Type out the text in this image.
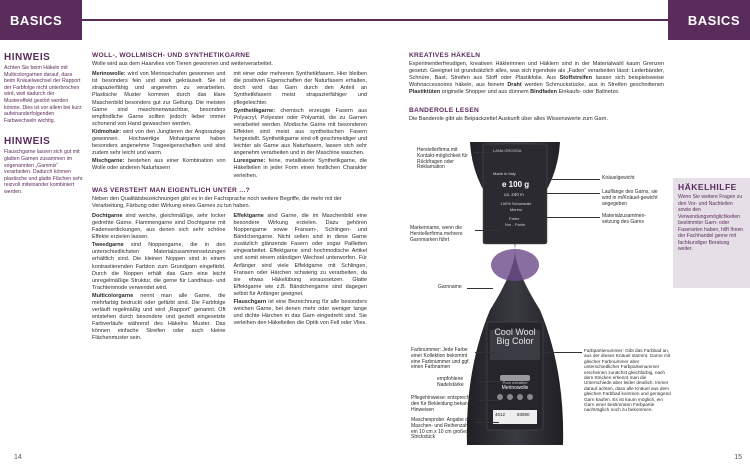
BASICS
HINWEIS

Achten Sie beim Häkeln mit Multicolorgarnen darauf, dass beim Knäuelwechsel der Rapport der Farbfolge nicht unterbrochen wird, weil dadurch der Mustereffekt gestört werden könnte. Dies ist vor allem bei kurz aufeinanderfolgenden Farbwechseln wichtig.

HINWEIS

Flauschgarne lassen sich gut mit glatten Garnen zusammen im sogenannten „Gammix“ verarbeiten. Dadurch können plastische und glatte Flächen sehr reizvoll miteinander kombiniert werden.

WOLL-, WOLLMISCH- UND SYNTHETIKGARNE

Wolle wird aus dem Haarvlies von Tieren gewonnen und weiterverarbeitet.

Merinowolle: wird von Merinoschafen gewonnen und ist besonders fein und stark gekräuselt. Sie ist strapazierfähig und angenehm zu verarbeiten. Plastische Muster kommen durch das klare Maschenbild besonders gut zur Geltung. Die meisten Garne sind maschinenwaschbar, besonders empfindliche Garne sollten jedoch lieber immer schonend von Hand gewaschen werden.

Kidmohair: wird von den Jungtieren der Angoraziege gewonnen. Hochwertige Mohairgarne haben besonders angenehme Trageeigenschaften und sind zudem sehr leicht und warm.

Mischgarne: bestehen aus einer Kombination von Wolle oder anderen Naturfasern

mit einer oder mehreren Synthetikfasern. Hier bleiben die positiven Eigenschaften der Naturfasern erhalten, doch wird das Garn durch den Anteil an Synthetikfasern meist strapazierfähiger und pflegeleichter.

Synthetikgarne: chemisch erzeugte Fasern aus Polyacryl, Polyester oder Polyamid, die zu Garnen verarbeitet werden. Modische Garne mit besonderen Effekten sind meist aus synthetischen Fasern hergestellt. Synthetikgarne sind oft geschmeidiger und leichter als Garne aus Naturfasern, lassen sich sehr angenehm verarbeiten und in der Maschine waschen.

Lurexgarne: feine, metallisierte Synthetikgarne, die Häkelteilen in jeder Form einen festlichen Charakter verleihen.

WAS VERSTEHT MAN EIGENTLICH UNTER ...?

Neben den Qualitätsbezeichnungen gibt es in der Fachsprache noch weitere Begriffe, die mehr mit der Verarbeitung, Färbung oder Wirkung eines Garnes zu tun haben.

Dochtgarne sind weiche, gleichmäßige, sehr locker gedrehte Garne. Flammengarne sind Dochtgarne mit Fadenverdickungen, aus denen sich sehr schöne Effekte erzielen lassen.

Tweedgarne sind Noppengarne, die in den unterschiedlichsten Materialzusammensetzungen erhältlich sind. Die kleinen Noppen sind in einem kontrastierenden Farbton zum Grundgarn eingefärbt. Durch die Noppen erhält das Garn eine leicht unregelmäßige Struktur, die gerne für Landhaus- und Trachtenmode verwendet wird.

Multicolorgarne nennt man alle Garne, die mehrfarbig bedruckt oder gefärbt sind. Die Farbfolge verläuft regelmäßig und wird „Rapport“ genannt. Oft entstehen durch besondere und gezielt eingesetzte Farbverläufe während des Häkelns Muster. Das können einfache Streifen oder auch kleine Flächenmuster sein.

Effektgarne sind Garne, die im Maschenbild eine besondere Wirkung erzielen. Dazu gehören Noppengarne sowie Fransen-, Schlingen- und Bändchengarne. Nicht selten sind in diese Garne zusätzlich glänzende Fasern oder sogar Pailletten eingearbeitet. Effektgarne sind hochmodische Artikel und somit einem ständigen Wechsel unterworfen. Für Anfänger sind viele Effektgarne mit Schlingen, Fransen oder Härchen schwierig zu verarbeiten, da sie etwas Häkelübung voraussetzen. Glatte Effektgarne wie z.B. Bändchengarne sind dagegen selbst für Anfänger geeignet.

Flauschgarn ist eine Bezeichnung für alle besonders weichen Garne, bei denen mehr oder weniger lange und dichte Härchen in das Garn eingedreht sind. Sie verleihen den Häkelteilen die Optik von Fell oder Vlies.

14
BASICS
KREATIVES HÄKELN

Experimentierfreudigen, kreativen Häklerinnen und Häklern sind in der Materialwahl kaum Grenzen gesetzt. Geeignet ist grundsätzlich alles, was sich irgendwie als „Faden“ verarbeiten lässt: Lederbänder, Schnüre, Bast, Streifen aus Stoff oder Plastikfolie. Aus Stoffstreifen lassen sich beispielsweise Wohnaccessoires häkeln, aus feinem Draht werden Schmuckstücke, aus in Streifen geschnittenen Plastiktüten originelle Shopper und aus dünnem Bindfaden Einkaufs- oder Ballnetze.

BANDEROLE LESEN

Die Banderole gibt als Beipackzettel Auskunft über alles Wissenswerte zum Garn.

LANA GROSSA
Made in Italy
e 100 g
ca. 240 m
100% Schurwolle Merino
Farbe
Nm - Partie
Cool Wool Big Color
Puro extrafine
Merinowolle
4012	83990
Herstellerfirma mit Kontakt-möglichkeit für Rückfragen oder Reklamation
Knäuelgewicht
Lauflänge des Garns, sie wird in m/Knäuel-gewicht angegeben
Materialzusammen-setzung des Garns
Markenname, wenn die Herstellerfirma mehrere Garnmarken führt
Garnname
Farbnummer: Jede Farbe einer Kollektion bekommt eine Farbnummer und ggf. einen Farbnamen
empfohlene Nadelstärke
Pflegehinweise: entsprechen den für Bekleidung bekannten Hinweisen
Maschenprobe: Angabe der Maschen- und Reihenzahl für ein 10 cm x 10 cm großes Strickstück
Farbpartienummer: Gibt das Farbbad an, aus der dieses Knäuel stammt. Garne mit gleicher Farbnummer aber unterschiedlicher Farbpartienummer erscheinen zunächst gleichfarbig, nach dem Stricken erkennt man die Unterschiede aber leider deutlich. Immer darauf achten, dass alle Knäuel aus dem gleichen Farbbad kommen und genügend Garn kaufen. Es ist kaum möglich, ein Garn einer bestimmten Farbpartie nachträglich noch zu bekommen.
HÄKELHILFE

Wenn Sie weitere Fragen zu den Vor- und Nachteilen sowie den Verwendungsmöglichkeiten bestimmter Garn- oder Faserarten haben, hilft Ihnen der Fachhandel gerne mit fachkundiger Beratung weiter.

15
